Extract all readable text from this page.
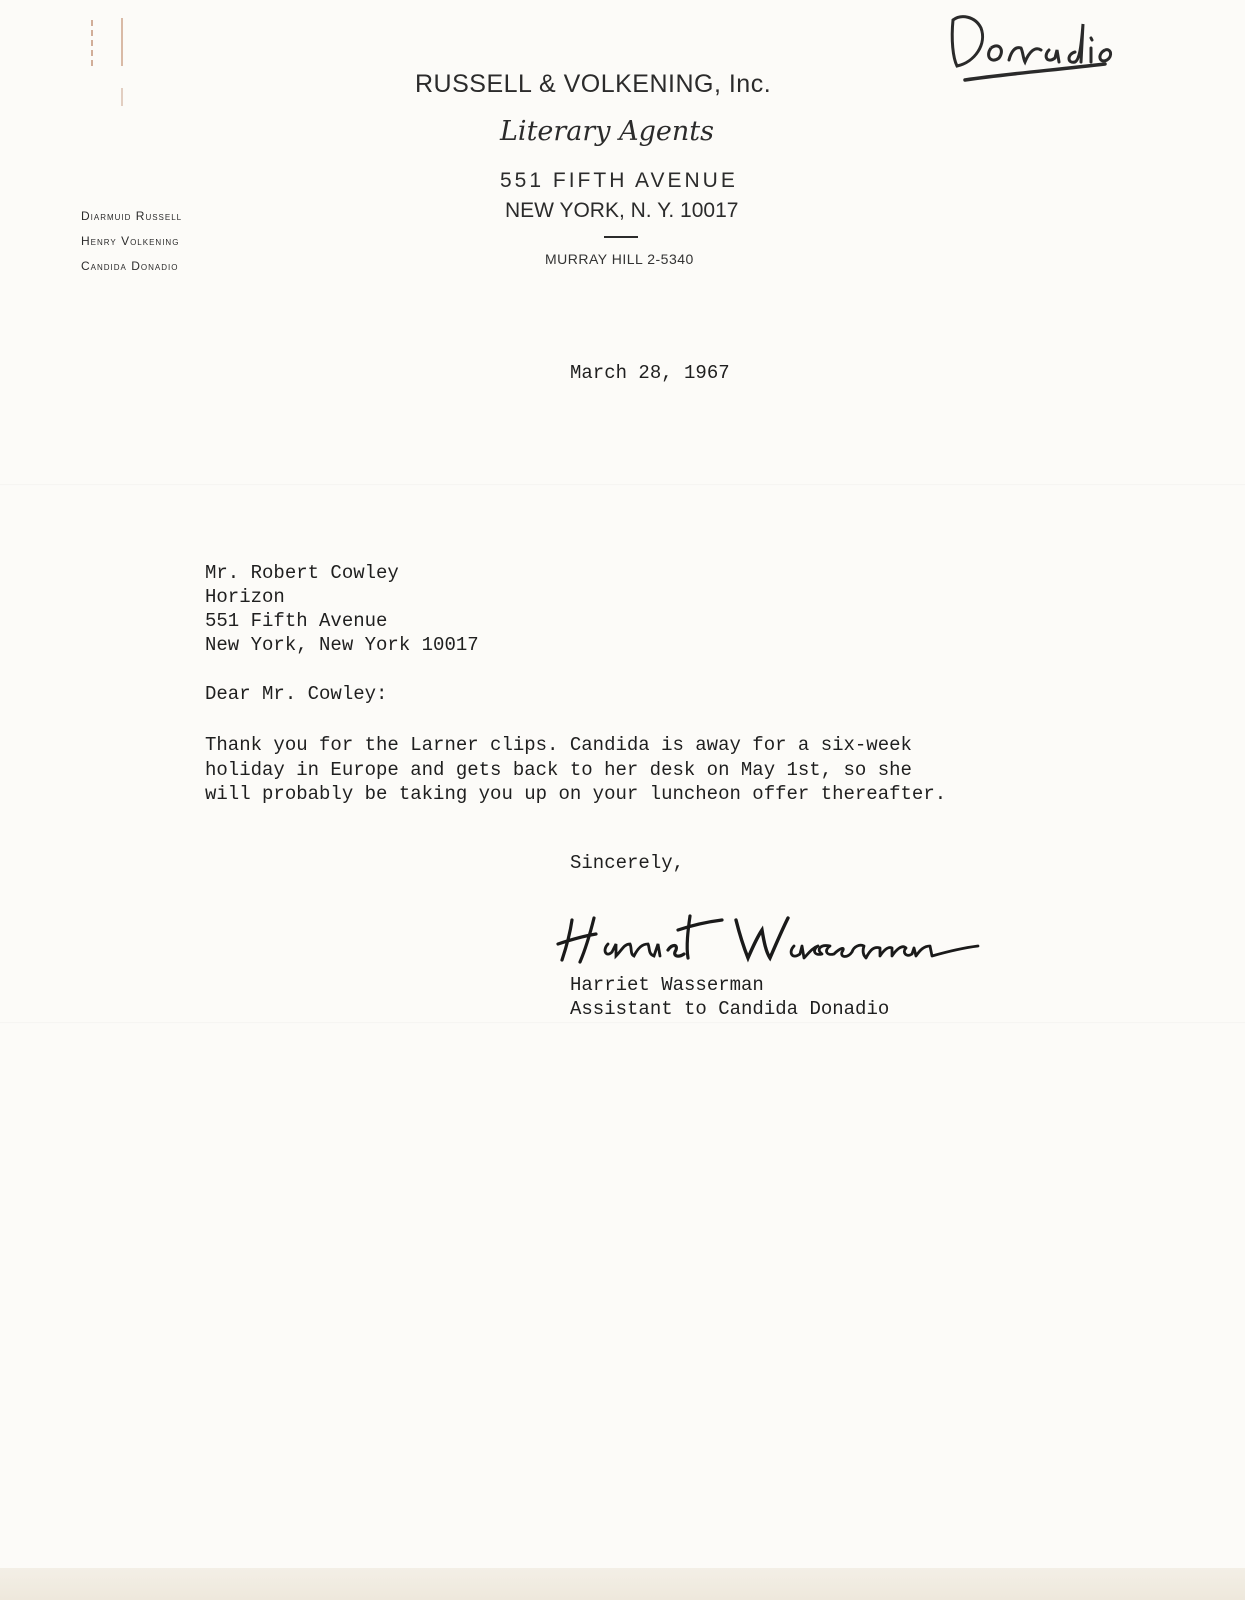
RUSSELL & VOLKENING, Inc.
Literary Agents
551 FIFTH AVENUE
NEW YORK, N. Y. 10017
MURRAY HILL 2-5340
Diarmuid Russell
Henry Volkening
Candida Donadio
March 28, 1967
Mr. Robert Cowley
Horizon
551 Fifth Avenue
New York, New York 10017
Dear Mr. Cowley:
Thank you for the Larner clips. Candida is away for a six-week
holiday in Europe and gets back to her desk on May 1st, so she
will probably be taking you up on your luncheon offer thereafter.
Sincerely,
Harriet Wasserman
Assistant to Candida Donadio
